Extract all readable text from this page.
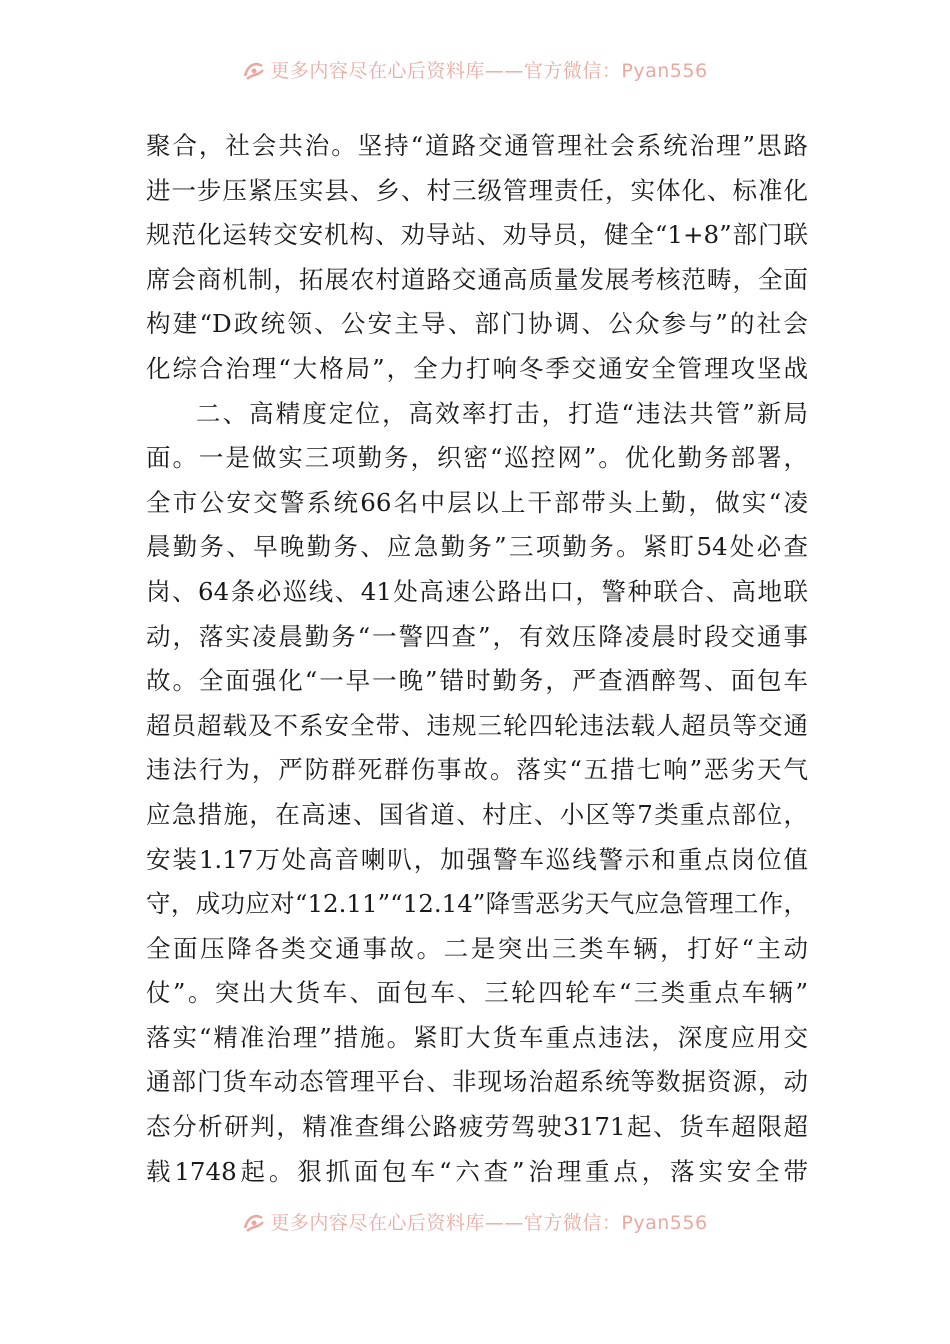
更多内容尽在心后资料库——官方微信：Pyan556
聚合，社会共治。坚持“道路交通管理社会系统治理”思路
进一步压紧压实县、乡、村三级管理责任，实体化、标准化
规范化运转交安机构、劝导站、劝导员，健全“1+8”部门联
席会商机制，拓展农村道路交通高质量发展考核范畴，全面
构建“D政统领、公安主导、部门协调、公众参与”的社会
化综合治理“大格局”，全力打响冬季交通安全管理攻坚战
二、高精度定位，高效率打击，打造“违法共管”新局
面。一是做实三项勤务，织密“巡控网”。优化勤务部署，
全市公安交警系统66名中层以上干部带头上勤，做实“凌
晨勤务、早晚勤务、应急勤务”三项勤务。紧盯54处必查
岗、64条必巡线、41处高速公路出口，警种联合、高地联
动，落实凌晨勤务“一警四查”，有效压降凌晨时段交通事
故。全面强化“一早一晚”错时勤务，严查酒醉驾、面包车
超员超载及不系安全带、违规三轮四轮违法载人超员等交通
违法行为，严防群死群伤事故。落实“五措七响”恶劣天气
应急措施，在高速、国省道、村庄、小区等7类重点部位，
安装1.17万处高音喇叭，加强警车巡线警示和重点岗位值
守，成功应对“12.11”“12.14”降雪恶劣天气应急管理工作，
全面压降各类交通事故。二是突出三类车辆，打好“主动
仗”。突出大货车、面包车、三轮四轮车“三类重点车辆”
落实“精准治理”措施。紧盯大货车重点违法，深度应用交
通部门货车动态管理平台、非现场治超系统等数据资源，动
态分析研判，精准查缉公路疲劳驾驶3171起、货车超限超
载1748起。狠抓面包车“六查”治理重点，落实安全带
更多内容尽在心后资料库——官方微信：Pyan556
